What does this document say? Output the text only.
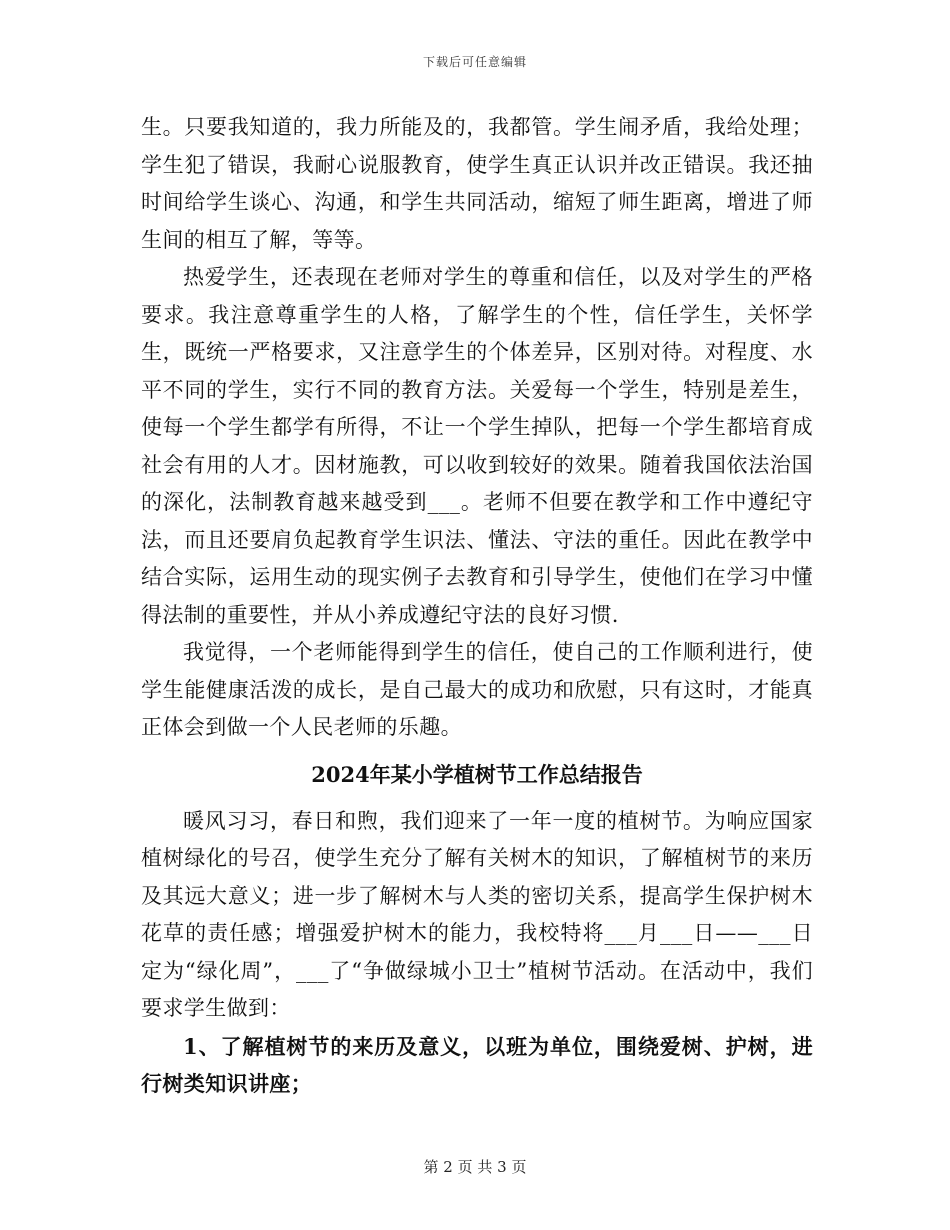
下载后可任意编辑

生。只要我知道的，我力所能及的，我都管。学生闹矛盾，我给处理；学生犯了错误，我耐心说服教育，使学生真正认识并改正错误。我还抽时间给学生谈心、沟通，和学生共同活动，缩短了师生距离，增进了师生间的相互了解，等等。

热爱学生，还表现在老师对学生的尊重和信任，以及对学生的严格要求。我注意尊重学生的人格，了解学生的个性，信任学生，关怀学生，既统一严格要求，又注意学生的个体差异，区别对待。对程度、水平不同的学生，实行不同的教育方法。关爱每一个学生，特别是差生，使每一个学生都学有所得，不让一个学生掉队，把每一个学生都培育成社会有用的人才。因材施教，可以收到较好的效果。随着我国依法治国的深化，法制教育越来越受到___。老师不但要在教学和工作中遵纪守法，而且还要肩负起教育学生识法、懂法、守法的重任。因此在教学中结合实际，运用生动的现实例子去教育和引导学生，使他们在学习中懂得法制的重要性，并从小养成遵纪守法的良好习惯.

我觉得，一个老师能得到学生的信任，使自己的工作顺利进行，使学生能健康活泼的成长，是自己最大的成功和欣慰，只有这时，才能真正体会到做一个人民老师的乐趣。

2024年某小学植树节工作总结报告

暖风习习，春日和煦，我们迎来了一年一度的植树节。为响应国家植树绿化的号召，使学生充分了解有关树木的知识，了解植树节的来历及其远大意义；进一步了解树木与人类的密切关系，提高学生保护树木花草的责任感；增强爱护树木的能力，我校特将___月___日——___日定为“绿化周”，___了“争做绿城小卫士”植树节活动。在活动中，我们要求学生做到：

1、了解植树节的来历及意义，以班为单位，围绕爱树、护树，进行树类知识讲座；

第 2 页 共 3 页
